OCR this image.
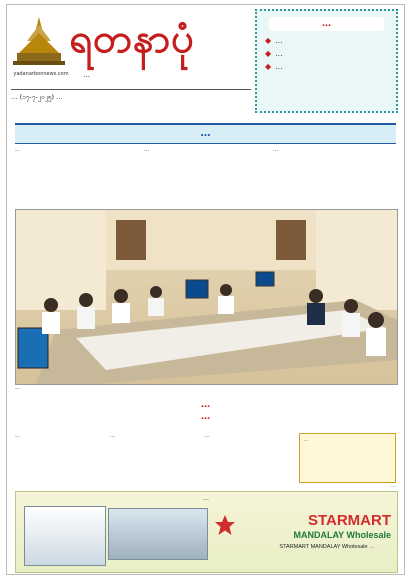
yadanarbonnews.com
ရတနာပုံ
…
… (၁၇-၇-၂၀၂၅) …
…
◆ …
◆ …
◆ …
…

…	…	…

…
…
…

…	…	…

…
…
…
STARMART
MANDALAY Wholesale
STARMART MANDALAY Wholesale …
